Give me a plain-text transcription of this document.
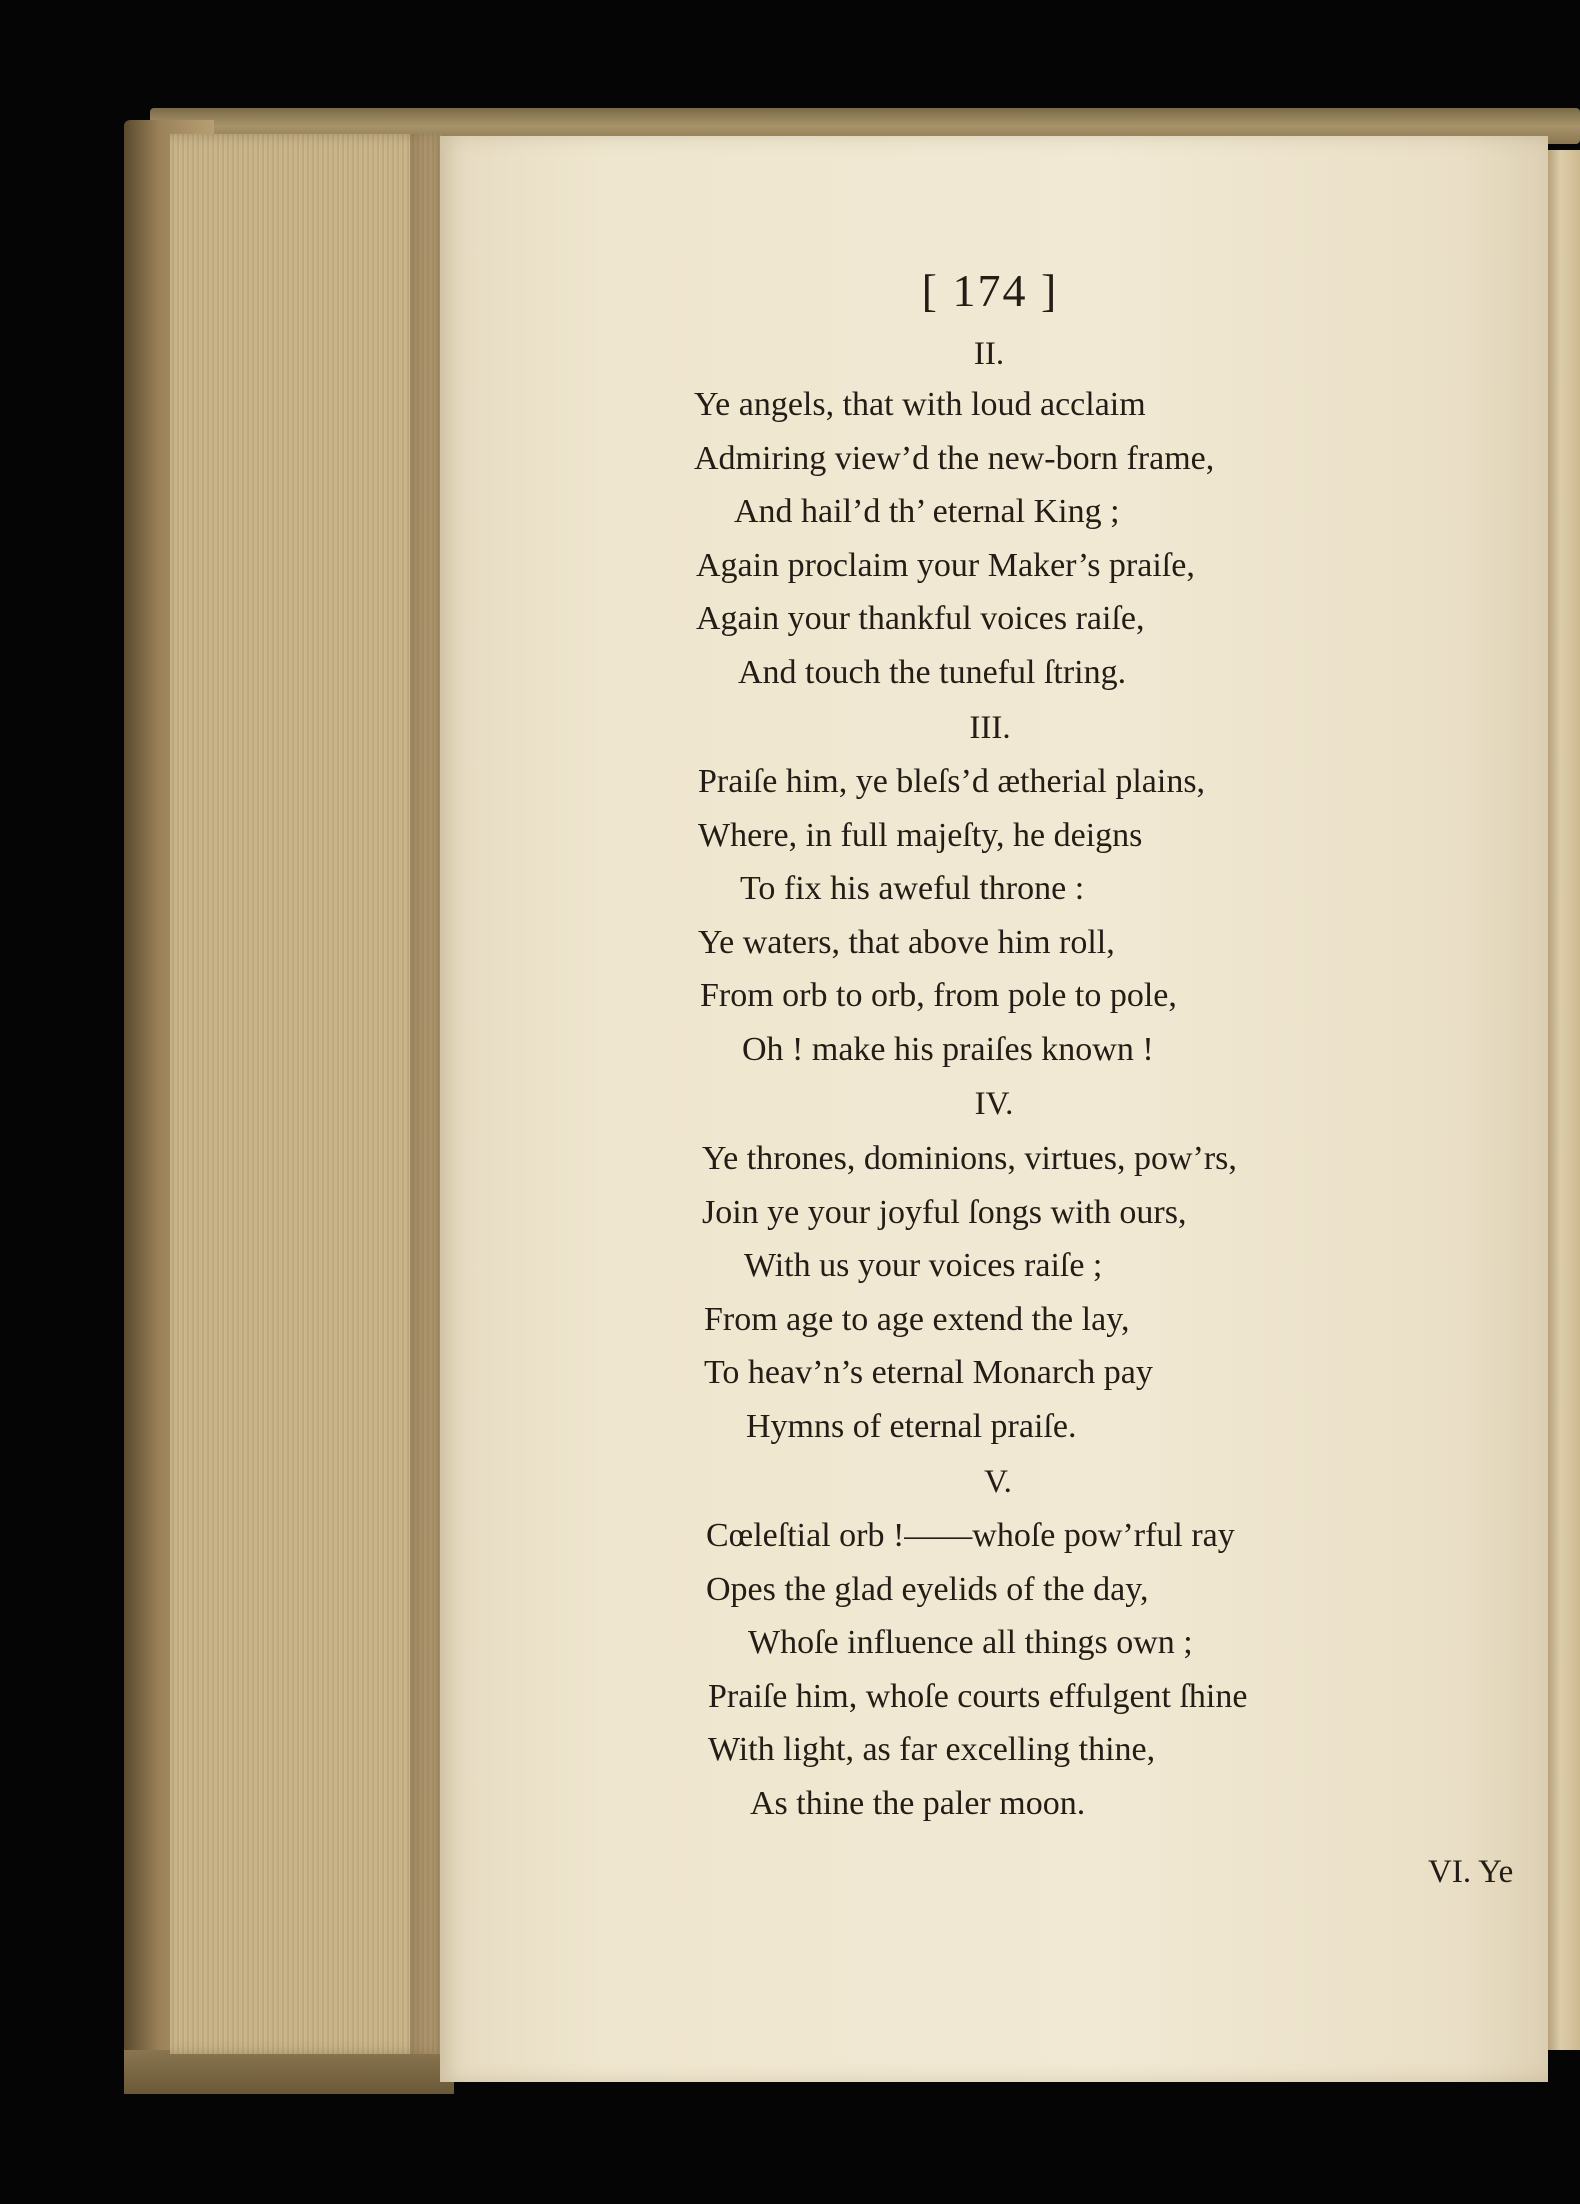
[ 174 ]
II.
Ye angels, that with loud acclaim
Admiring view’d the new-born frame,
And hail’d th’ eternal King ;
Again proclaim your Maker’s praiſe,
Again your thankful voices raiſe,
And touch the tuneful ſtring.
III.
Praiſe him, ye bleſs’d ætherial plains,
Where, in full majeſty, he deigns
To fix his aweful throne :
Ye waters, that above him roll,
From orb to orb, from pole to pole,
Oh ! make his praiſes known !
IV.
Ye thrones, dominions, virtues, pow’rs,
Join ye your joyful ſongs with ours,
With us your voices raiſe ;
From age to age extend the lay,
To heav’n’s eternal Monarch pay
Hymns of eternal praiſe.
V.
Cœleſtial orb !——whoſe pow’rful ray
Opes the glad eyelids of the day,
Whoſe influence all things own ;
Praiſe him, whoſe courts effulgent ſhine
With light, as far excelling thine,
As thine the paler moon.
VI. Ye
